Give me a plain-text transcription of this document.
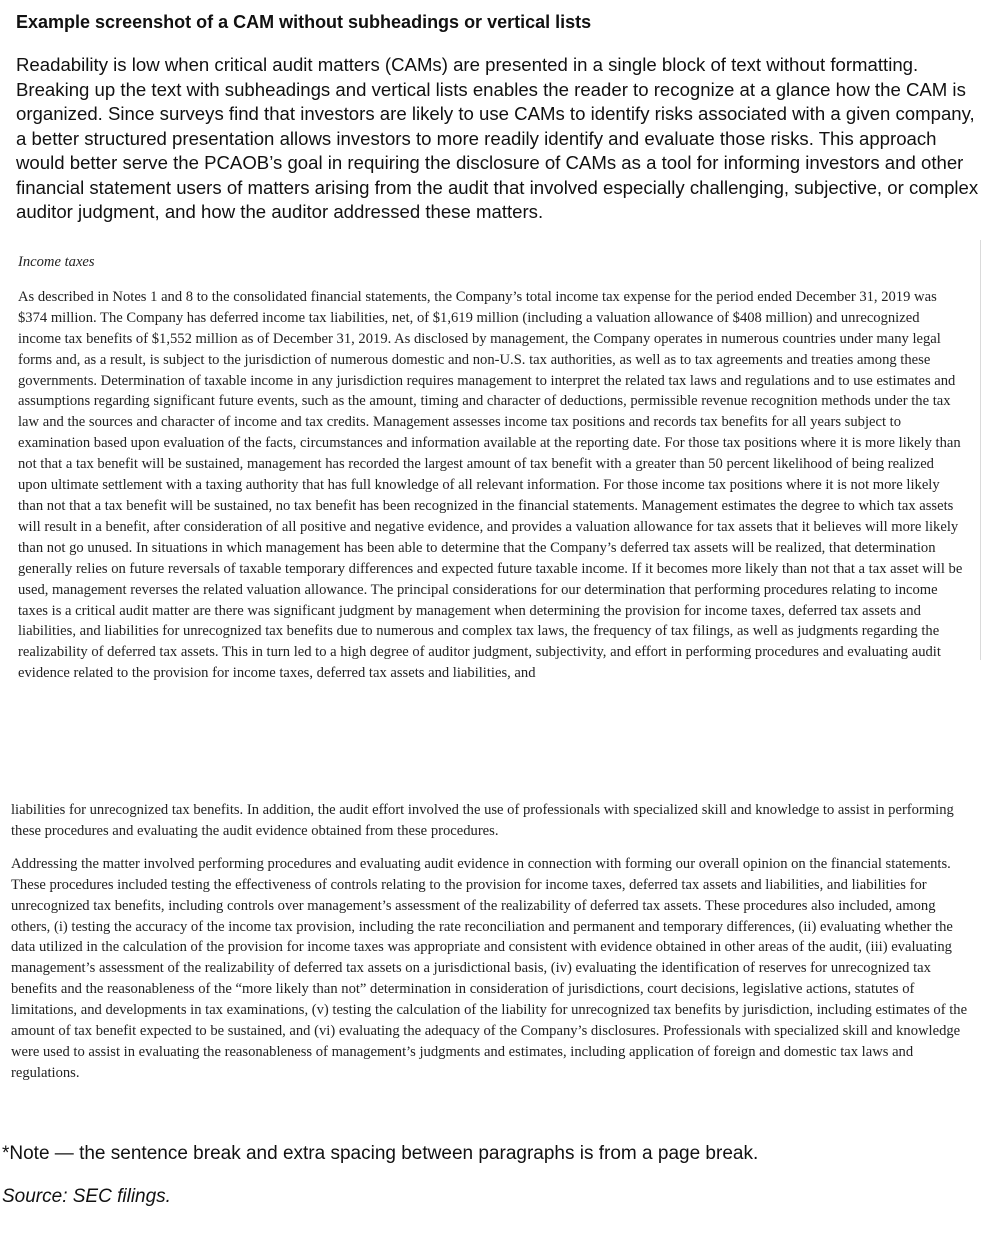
Example screenshot of a CAM without subheadings or vertical lists
Readability is low when critical audit matters (CAMs) are presented in a single block of text without formatting. Breaking up the text with subheadings and vertical lists enables the reader to recognize at a glance how the CAM is organized. Since surveys find that investors are likely to use CAMs to identify risks associated with a given company, a better structured presentation allows investors to more readily identify and evaluate those risks. This approach would better serve the PCAOB’s goal in requiring the disclosure of CAMs as a tool for informing investors and other financial statement users of matters arising from the audit that involved especially challenging, subjective, or complex auditor judgment, and how the auditor addressed these matters.
Income taxes

As described in Notes 1 and 8 to the consolidated financial statements, the Company’s total income tax expense for the period ended December 31, 2019 was $374 million. The Company has deferred income tax liabilities, net, of $1,619 million (including a valuation allowance of $408 million) and unrecognized income tax benefits of $1,552 million as of December 31, 2019. As disclosed by management, the Company operates in numerous countries under many legal forms and, as a result, is subject to the jurisdiction of numerous domestic and non-U.S. tax authorities, as well as to tax agreements and treaties among these governments. Determination of taxable income in any jurisdiction requires management to interpret the related tax laws and regulations and to use estimates and assumptions regarding significant future events, such as the amount, timing and character of deductions, permissible revenue recognition methods under the tax law and the sources and character of income and tax credits. Management assesses income tax positions and records tax benefits for all years subject to examination based upon evaluation of the facts, circumstances and information available at the reporting date. For those tax positions where it is more likely than not that a tax benefit will be sustained, management has recorded the largest amount of tax benefit with a greater than 50 percent likelihood of being realized upon ultimate settlement with a taxing authority that has full knowledge of all relevant information. For those income tax positions where it is not more likely than not that a tax benefit will be sustained, no tax benefit has been recognized in the financial statements. Management estimates the degree to which tax assets will result in a benefit, after consideration of all positive and negative evidence, and provides a valuation allowance for tax assets that it believes will more likely than not go unused. In situations in which management has been able to determine that the Company’s deferred tax assets will be realized, that determination generally relies on future reversals of taxable temporary differences and expected future taxable income. If it becomes more likely than not that a tax asset will be used, management reverses the related valuation allowance. The principal considerations for our determination that performing procedures relating to income taxes is a critical audit matter are there was significant judgment by management when determining the provision for income taxes, deferred tax assets and liabilities, and liabilities for unrecognized tax benefits due to numerous and complex tax laws, the frequency of tax filings, as well as judgments regarding the realizability of deferred tax assets. This in turn led to a high degree of auditor judgment, subjectivity, and effort in performing procedures and evaluating audit evidence related to the provision for income taxes, deferred tax assets and liabilities, and

liabilities for unrecognized tax benefits. In addition, the audit effort involved the use of professionals with specialized skill and knowledge to assist in performing these procedures and evaluating the audit evidence obtained from these procedures.

Addressing the matter involved performing procedures and evaluating audit evidence in connection with forming our overall opinion on the financial statements. These procedures included testing the effectiveness of controls relating to the provision for income taxes, deferred tax assets and liabilities, and liabilities for unrecognized tax benefits, including controls over management’s assessment of the realizability of deferred tax assets. These procedures also included, among others, (i) testing the accuracy of the income tax provision, including the rate reconciliation and permanent and temporary differences, (ii) evaluating whether the data utilized in the calculation of the provision for income taxes was appropriate and consistent with evidence obtained in other areas of the audit, (iii) evaluating management’s assessment of the realizability of deferred tax assets on a jurisdictional basis, (iv) evaluating the identification of reserves for unrecognized tax benefits and the reasonableness of the “more likely than not” determination in consideration of jurisdictions, court decisions, legislative actions, statutes of limitations, and developments in tax examinations, (v) testing the calculation of the liability for unrecognized tax benefits by jurisdiction, including estimates of the amount of tax benefit expected to be sustained, and (vi) evaluating the adequacy of the Company’s disclosures. Professionals with specialized skill and knowledge were used to assist in evaluating the reasonableness of management’s judgments and estimates, including application of foreign and domestic tax laws and regulations.

*Note — the sentence break and extra spacing between paragraphs is from a page break.
Source: SEC filings.
